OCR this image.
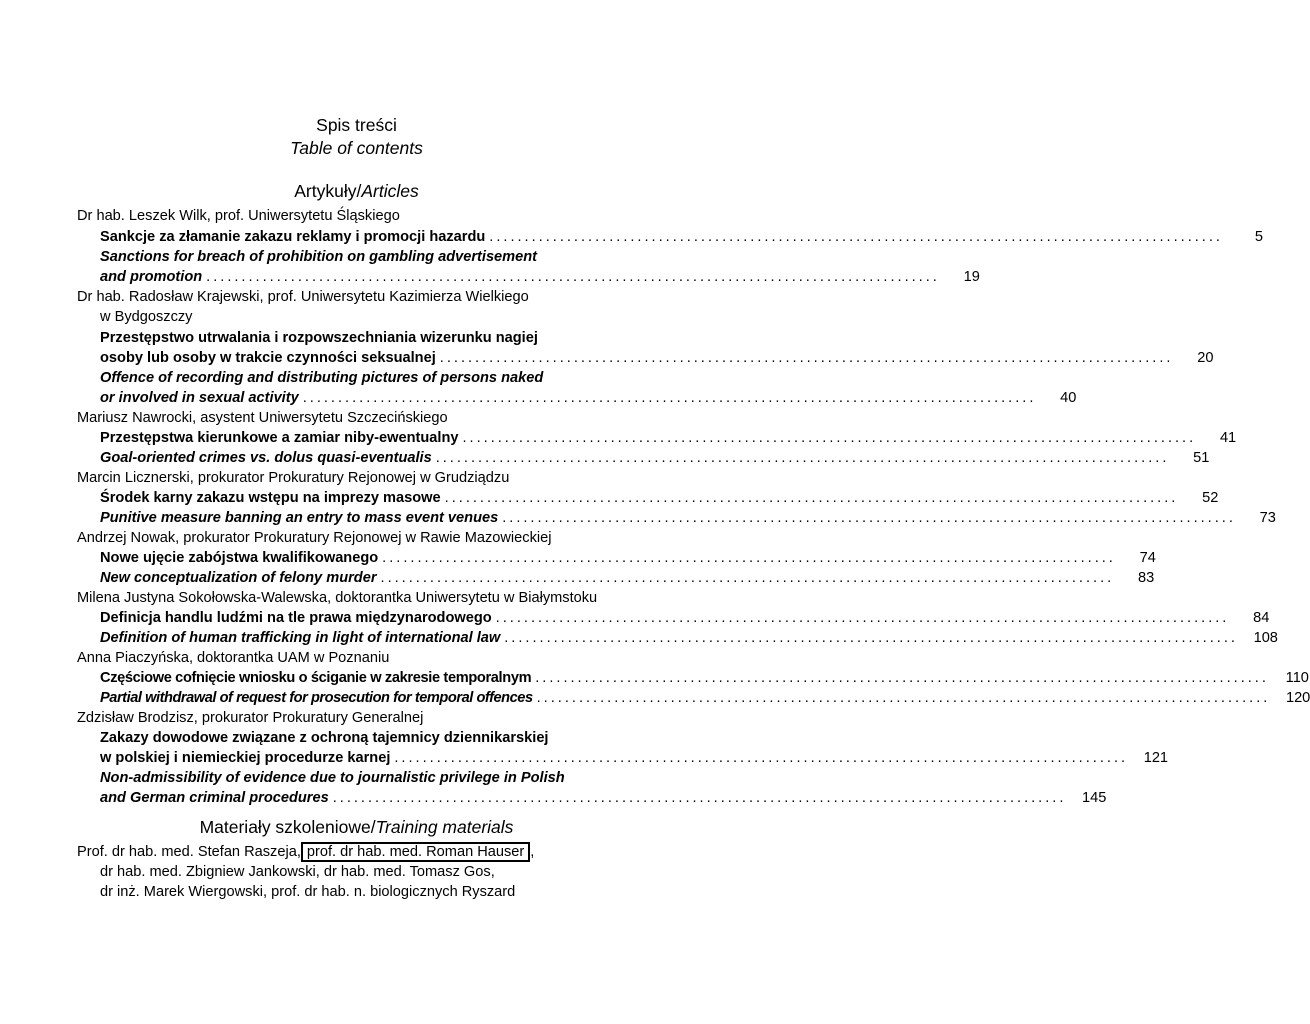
Spis treści
Table of contents
Artykuły/Articles
Dr hab. Leszek Wilk, prof. Uniwersytetu Śląskiego
Sankcje za złamanie zakazu reklamy i promocji hazardu ........................................................................................................	5
Sanctions for breach of prohibition on gambling advertisement
and promotion ........................................................................................................	19
Dr hab. Radosław Krajewski, prof. Uniwersytetu Kazimierza Wielkiego
w Bydgoszczy
Przestępstwo utrwalania i rozpowszechniania wizerunku nagiej
osoby lub osoby w trakcie czynności seksualnej ........................................................................................................	20
Offence of recording and distributing pictures of persons naked
or involved in sexual activity ........................................................................................................	40
Mariusz Nawrocki, asystent Uniwersytetu Szczecińskiego
Przestępstwa kierunkowe a zamiar niby-ewentualny ........................................................................................................	41
Goal-oriented crimes vs. dolus quasi-eventualis ........................................................................................................	51
Marcin Licznerski, prokurator Prokuratury Rejonowej w Grudziądzu
Środek karny zakazu wstępu na imprezy masowe ........................................................................................................	52
Punitive measure banning an entry to mass event venues ........................................................................................................	73
Andrzej Nowak, prokurator Prokuratury Rejonowej w Rawie Mazowieckiej
Nowe ujęcie zabójstwa kwalifikowanego ........................................................................................................	74
New conceptualization of felony murder ........................................................................................................	83
Milena Justyna Sokołowska-Walewska, doktorantka Uniwersytetu w Białymstoku
Definicja handlu ludźmi na tle prawa międzynarodowego ........................................................................................................	84
Definition of human trafficking in light of international law ........................................................................................................	108
Anna Piaczyńska, doktorantka UAM w Poznaniu
Częściowe cofnięcie wniosku o ściganie w zakresie temporalnym ........................................................................................................	110
Partial withdrawal of request for prosecution for temporal offences ........................................................................................................	120
Zdzisław Brodzisz, prokurator Prokuratury Generalnej
Zakazy dowodowe związane z ochroną tajemnicy dziennikarskiej
w polskiej i niemieckiej procedurze karnej ........................................................................................................	121
Non-admissibility of evidence due to journalistic privilege in Polish
and German criminal procedures ........................................................................................................	145
Materiały szkoleniowe/Training materials
Prof. dr hab. med. Stefan Raszeja, prof. dr hab. med. Roman Hauser ,
dr hab. med. Zbigniew Jankowski, dr hab. med. Tomasz Gos,
dr inż. Marek Wiergowski, prof. dr hab. n. biologicznych Ryszard
